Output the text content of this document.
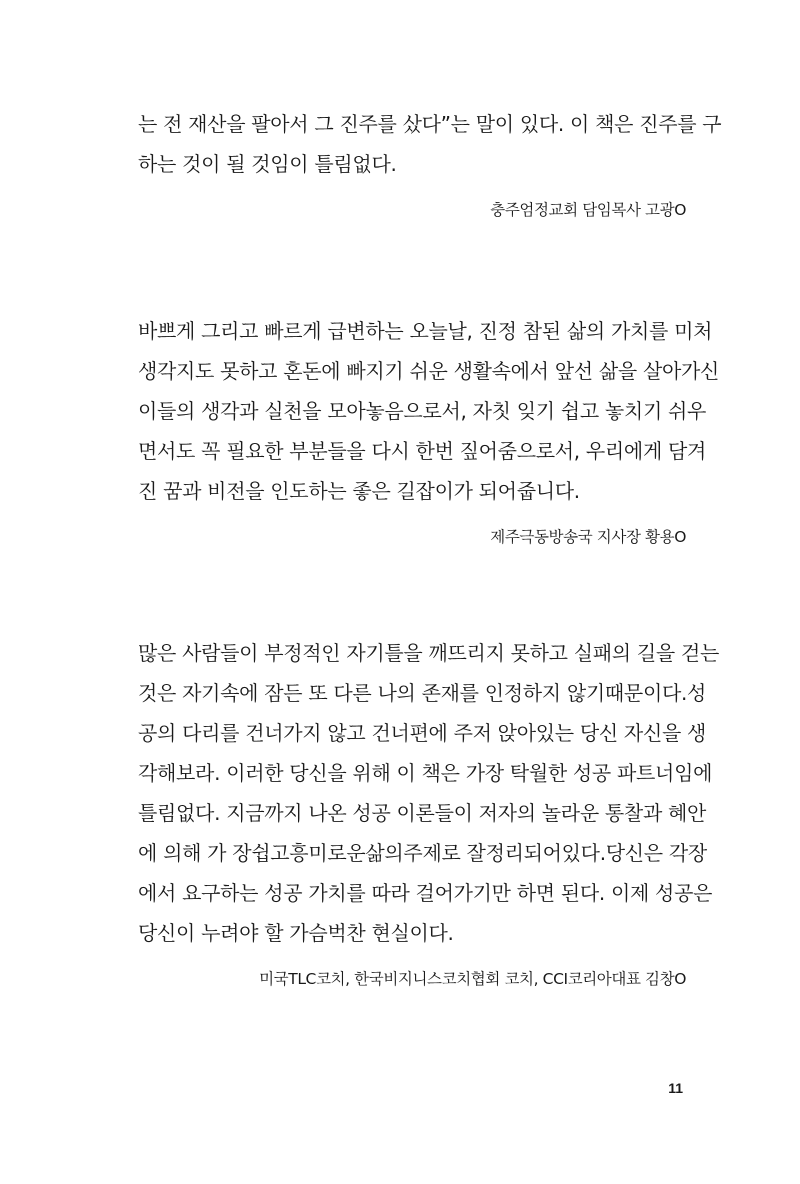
는 전 재산을 팔아서 그 진주를 샀다”는 말이 있다. 이 책은 진주를 구
하는 것이 될 것임이 틀림없다.
충주엄정교회 담임목사 고광O
바쁘게 그리고 빠르게 급변하는 오늘날, 진정 참된 삶의 가치를 미처
생각지도 못하고 혼돈에 빠지기 쉬운 생활속에서 앞선 삶을 살아가신
이들의 생각과 실천을 모아놓음으로서, 자칫 잊기 쉽고 놓치기 쉬우
면서도 꼭 필요한 부분들을 다시 한번 짚어줌으로서, 우리에게 담겨
진 꿈과 비전을 인도하는 좋은 길잡이가 되어줍니다.
제주극동방송국 지사장 황용O
많은 사람들이 부정적인 자기틀을 깨뜨리지 못하고 실패의 길을 걷는
것은 자기속에 잠든 또 다른 나의 존재를 인정하지 않기때문이다.성
공의 다리를 건너가지 않고 건너편에 주저 앉아있는 당신 자신을 생
각해보라. 이러한 당신을 위해 이 책은 가장 탁월한 성공 파트너임에
틀림없다. 지금까지 나온 성공 이론들이 저자의 놀라운 통찰과 혜안
에 의해 가 장쉽고흥미로운삶의주제로 잘정리되어있다.당신은 각장
에서 요구하는 성공 가치를 따라 걸어가기만 하면 된다. 이제 성공은
당신이 누려야 할 가슴벅찬 현실이다.
미국TLC코치, 한국비지니스코치협회 코치, CCI코리아대표 김창O
11
